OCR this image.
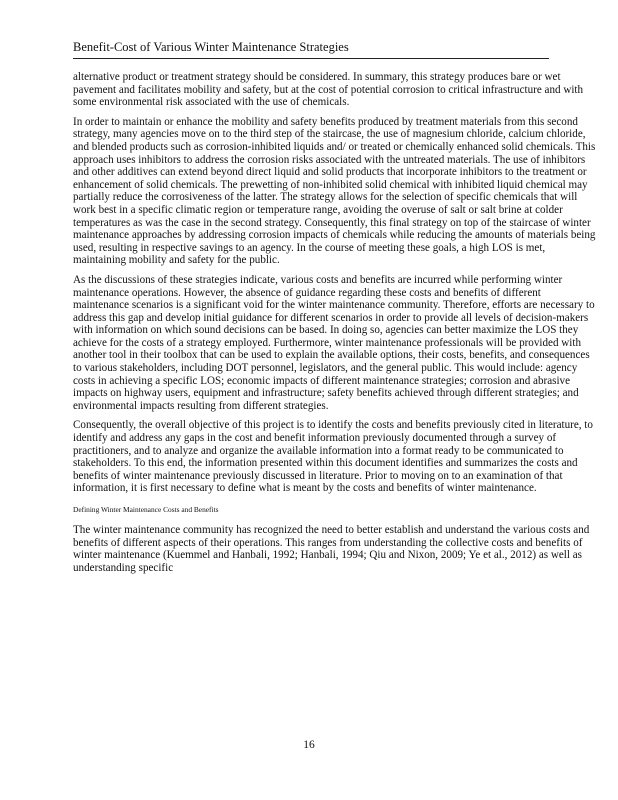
Benefit-Cost of Various Winter Maintenance Strategies

alternative product or treatment strategy should be considered. In summary, this strategy produces bare or wet pavement and facilitates mobility and safety, but at the cost of potential corrosion to critical infrastructure and with some environmental risk associated with the use of chemicals.

In order to maintain or enhance the mobility and safety benefits produced by treatment materials from this second strategy, many agencies move on to the third step of the staircase, the use of magnesium chloride, calcium chloride, and blended products such as corrosion-inhibited liquids and/ or treated or chemically enhanced solid chemicals. This approach uses inhibitors to address the corrosion risks associated with the untreated materials. The use of inhibitors and other additives can extend beyond direct liquid and solid products that incorporate inhibitors to the treatment or enhancement of solid chemicals. The prewetting of non-inhibited solid chemical with inhibited liquid chemical may partially reduce the corrosiveness of the latter. The strategy allows for the selection of specific chemicals that will work best in a specific climatic region or temperature range, avoiding the overuse of salt or salt brine at colder temperatures as was the case in the second strategy. Consequently, this final strategy on top of the staircase of winter maintenance approaches by addressing corrosion impacts of chemicals while reducing the amounts of materials being used, resulting in respective savings to an agency. In the course of meeting these goals, a high LOS is met, maintaining mobility and safety for the public.

As the discussions of these strategies indicate, various costs and benefits are incurred while performing winter maintenance operations. However, the absence of guidance regarding these costs and benefits of different maintenance scenarios is a significant void for the winter maintenance community. Therefore, efforts are necessary to address this gap and develop initial guidance for different scenarios in order to provide all levels of decision-makers with information on which sound decisions can be based. In doing so, agencies can better maximize the LOS they achieve for the costs of a strategy employed. Furthermore, winter maintenance professionals will be provided with another tool in their toolbox that can be used to explain the available options, their costs, benefits, and consequences to various stakeholders, including DOT personnel, legislators, and the general public. This would include: agency costs in achieving a specific LOS; economic impacts of different maintenance strategies; corrosion and abrasive impacts on highway users, equipment and infrastructure; safety benefits achieved through different strategies; and environmental impacts resulting from different strategies.

Consequently, the overall objective of this project is to identify the costs and benefits previously cited in literature, to identify and address any gaps in the cost and benefit information previously documented through a survey of practitioners, and to analyze and organize the available information into a format ready to be communicated to stakeholders. To this end, the information presented within this document identifies and summarizes the costs and benefits of winter maintenance previously discussed in literature. Prior to moving on to an examination of that information, it is first necessary to define what is meant by the costs and benefits of winter maintenance.

Defining Winter Maintenance Costs and Benefits

The winter maintenance community has recognized the need to better establish and understand the various costs and benefits of different aspects of their operations. This ranges from understanding the collective costs and benefits of winter maintenance (Kuemmel and Hanbali, 1992; Hanbali, 1994; Qiu and Nixon, 2009; Ye et al., 2012) as well as understanding specific

16
